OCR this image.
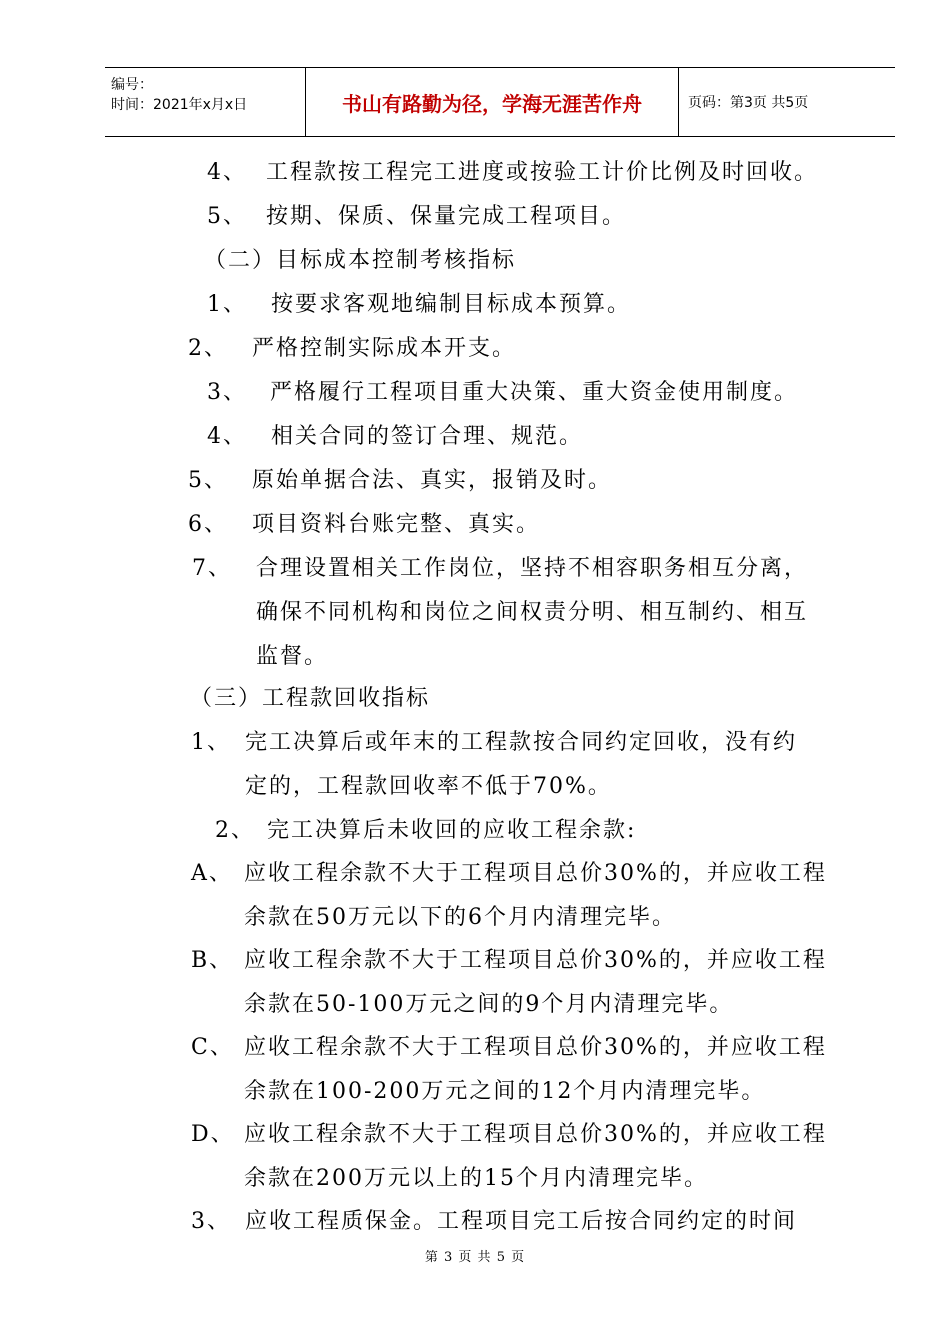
编号：
时间：2021年x月x日	书山有路勤为径，学海无涯苦作舟	页码：第3页 共5页
4、 工程款按工程完工进度或按验工计价比例及时回收。
5、 按期、保质、保量完成工程项目。
（二）目标成本控制考核指标
1、 按要求客观地编制目标成本预算。
2、 严格控制实际成本开支。
3、 严格履行工程项目重大决策、重大资金使用制度。
4、 相关合同的签订合理、规范。
5、 原始单据合法、真实，报销及时。
6、 项目资料台账完整、真实。
7、 合理设置相关工作岗位，坚持不相容职务相互分离，
确保不同机构和岗位之间权责分明、相互制约、相互
监督。
（三）工程款回收指标
1、 完工决算后或年末的工程款按合同约定回收，没有约
定的，工程款回收率不低于70%。
2、 完工决算后未收回的应收工程余款:
A、 应收工程余款不大于工程项目总价30%的，并应收工程
余款在50万元以下的6个月内清理完毕。
B、 应收工程余款不大于工程项目总价30%的，并应收工程
余款在50-100万元之间的9个月内清理完毕。
C、 应收工程余款不大于工程项目总价30%的，并应收工程
余款在100-200万元之间的12个月内清理完毕。
D、 应收工程余款不大于工程项目总价30%的，并应收工程
余款在200万元以上的15个月内清理完毕。
3、 应收工程质保金。工程项目完工后按合同约定的时间
第 3 页 共 5 页
